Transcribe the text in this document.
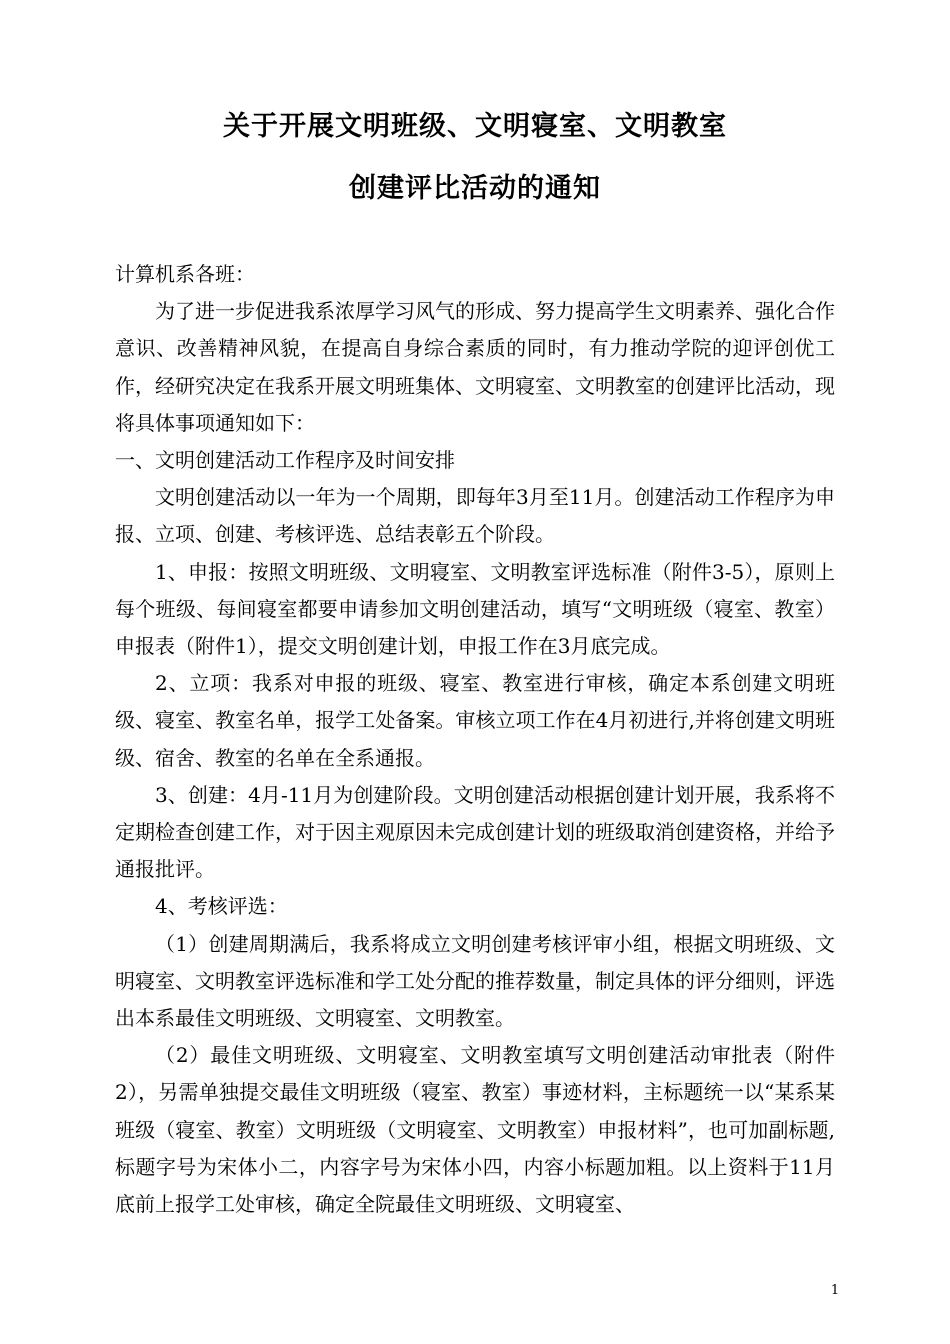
关于开展文明班级、文明寝室、文明教室
创建评比活动的通知

计算机系各班：

为了进一步促进我系浓厚学习风气的形成、努力提高学生文明素养、强化合作意识、改善精神风貌，在提高自身综合素质的同时，有力推动学院的迎评创优工作，经研究决定在我系开展文明班集体、文明寝室、文明教室的创建评比活动，现将具体事项通知如下：

一、文明创建活动工作程序及时间安排

文明创建活动以一年为一个周期，即每年3月至11月。创建活动工作程序为申报、立项、创建、考核评选、总结表彰五个阶段。

1、申报：按照文明班级、文明寝室、文明教室评选标准（附件3-5），原则上每个班级、每间寝室都要申请参加文明创建活动，填写“文明班级（寝室、教室）申报表（附件1），提交文明创建计划，申报工作在3月底完成。

2、立项：我系对申报的班级、寝室、教室进行审核，确定本系创建文明班级、寝室、教室名单，报学工处备案。审核立项工作在4月初进行,并将创建文明班级、宿舍、教室的名单在全系通报。

3、创建：4月-11月为创建阶段。文明创建活动根据创建计划开展，我系将不定期检查创建工作，对于因主观原因未完成创建计划的班级取消创建资格，并给予通报批评。

4、考核评选：

（1）创建周期满后，我系将成立文明创建考核评审小组，根据文明班级、文明寝室、文明教室评选标准和学工处分配的推荐数量，制定具体的评分细则，评选出本系最佳文明班级、文明寝室、文明教室。

（2）最佳文明班级、文明寝室、文明教室填写文明创建活动审批表（附件2），另需单独提交最佳文明班级（寝室、教室）事迹材料，主标题统一以“某系某班级（寝室、教室）文明班级（文明寝室、文明教室）申报材料”，也可加副标题,标题字号为宋体小二，内容字号为宋体小四，内容小标题加粗。以上资料于11月底前上报学工处审核，确定全院最佳文明班级、文明寝室、

1
